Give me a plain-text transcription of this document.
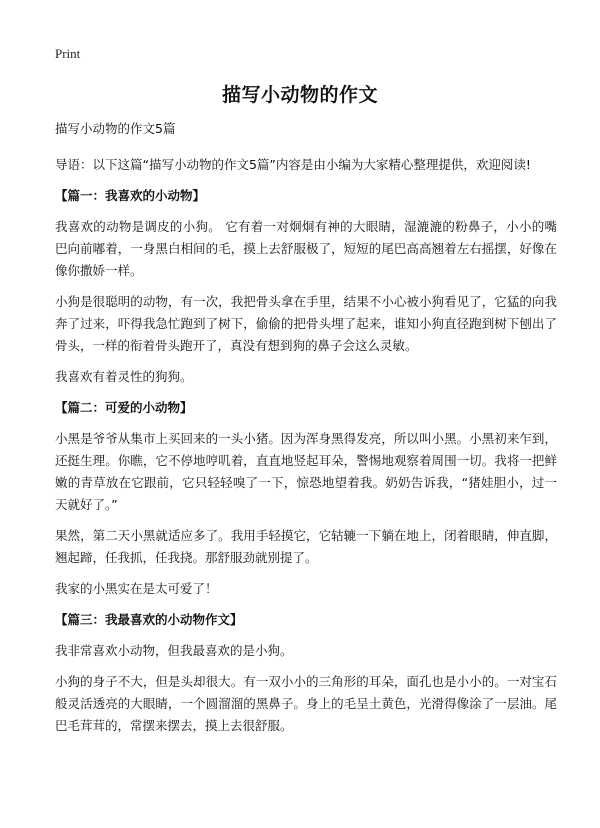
Print
描写小动物的作文

描写小动物的作文5篇

导语：以下这篇“描写小动物的作文5篇”内容是由小编为大家精心整理提供，欢迎阅读!

【篇一：我喜欢的小动物】

我喜欢的动物是调皮的小狗。 它有着一对炯炯有神的大眼睛，湿漉漉的粉鼻子，小小的嘴巴向前嘟着，一身黑白相间的毛，摸上去舒服极了，短短的尾巴高高翘着左右摇摆，好像在像你撒娇一样。

小狗是很聪明的动物，有一次，我把骨头拿在手里，结果不小心被小狗看见了，它猛的向我奔了过来，吓得我急忙跑到了树下，偷偷的把骨头埋了起来，谁知小狗直径跑到树下刨出了骨头，一样的衔着骨头跑开了，真没有想到狗的鼻子会这么灵敏。

我喜欢有着灵性的狗狗。

【篇二：可爱的小动物】

小黑是爷爷从集市上买回来的一头小猪。因为浑身黑得发亮，所以叫小黑。小黑初来乍到，还挺生理。你瞧，它不停地哼叽着，直直地竖起耳朵，警惕地观察着周围一切。我将一把鲜嫩的青草放在它跟前，它只轻轻嗅了一下，惊恐地望着我。奶奶告诉我，“猪娃胆小，过一天就好了。”

果然，第二天小黑就适应多了。我用手轻摸它，它轱辘一下躺在地上，闭着眼睛，伸直脚，翘起蹄，任我抓，任我挠。那舒服劲就别提了。

我家的小黑实在是太可爱了！

【篇三：我最喜欢的小动物作文】

我非常喜欢小动物，但我最喜欢的是小狗。

小狗的身子不大，但是头却很大。有一双小小的三角形的耳朵，面孔也是小小的。一对宝石般灵活透亮的大眼睛，一个圆溜溜的黑鼻子。身上的毛呈土黄色，光滑得像涂了一层油。尾巴毛茸茸的，常摆来摆去，摸上去很舒服。
